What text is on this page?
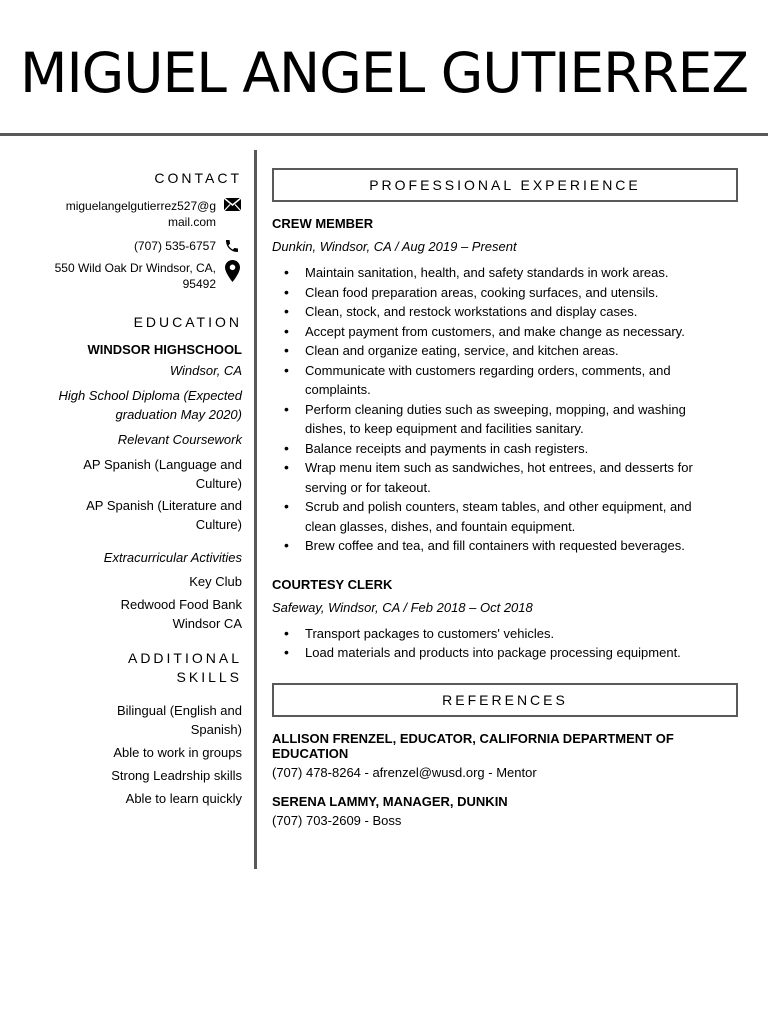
MIGUEL ANGEL GUTIERREZ
CONTACT
miguelangelgutierrez527@g
mail.com
(707) 535-6757
550 Wild Oak Dr Windsor, CA,
95492
EDUCATION
WINDSOR HIGHSCHOOL
Windsor, CA
High School Diploma (Expected
graduation May 2020)
Relevant Coursework
AP Spanish (Language and
Culture)
AP Spanish (Literature and
Culture)
Extracurricular Activities
Key Club
Redwood Food Bank
Windsor CA
ADDITIONAL
SKILLS
Bilingual (English and
Spanish)
Able to work in groups
Strong Leadrship skills
Able to learn quickly
PROFESSIONAL EXPERIENCE
CREW MEMBER
Dunkin, Windsor, CA / Aug 2019 – Present
• Maintain sanitation, health, and safety standards in work areas.
• Clean food preparation areas, cooking surfaces, and utensils.
• Clean, stock, and restock workstations and display cases.
• Accept payment from customers, and make change as necessary.
• Clean and organize eating, service, and kitchen areas.
• Communicate with customers regarding orders, comments, and
complaints.
• Perform cleaning duties such as sweeping, mopping, and washing
dishes, to keep equipment and facilities sanitary.
• Balance receipts and payments in cash registers.
• Wrap menu item such as sandwiches, hot entrees, and desserts for
serving or for takeout.
• Scrub and polish counters, steam tables, and other equipment, and
clean glasses, dishes, and fountain equipment.
• Brew coffee and tea, and fill containers with requested beverages.
COURTESY CLERK
Safeway, Windsor, CA / Feb 2018 – Oct 2018
• Transport packages to customers' vehicles.
• Load materials and products into package processing equipment.
REFERENCES
ALLISON FRENZEL, EDUCATOR, CALIFORNIA DEPARTMENT OF EDUCATION
(707) 478-8264 - afrenzel@wusd.org - Mentor
SERENA LAMMY, MANAGER, DUNKIN
(707) 703-2609 - Boss
